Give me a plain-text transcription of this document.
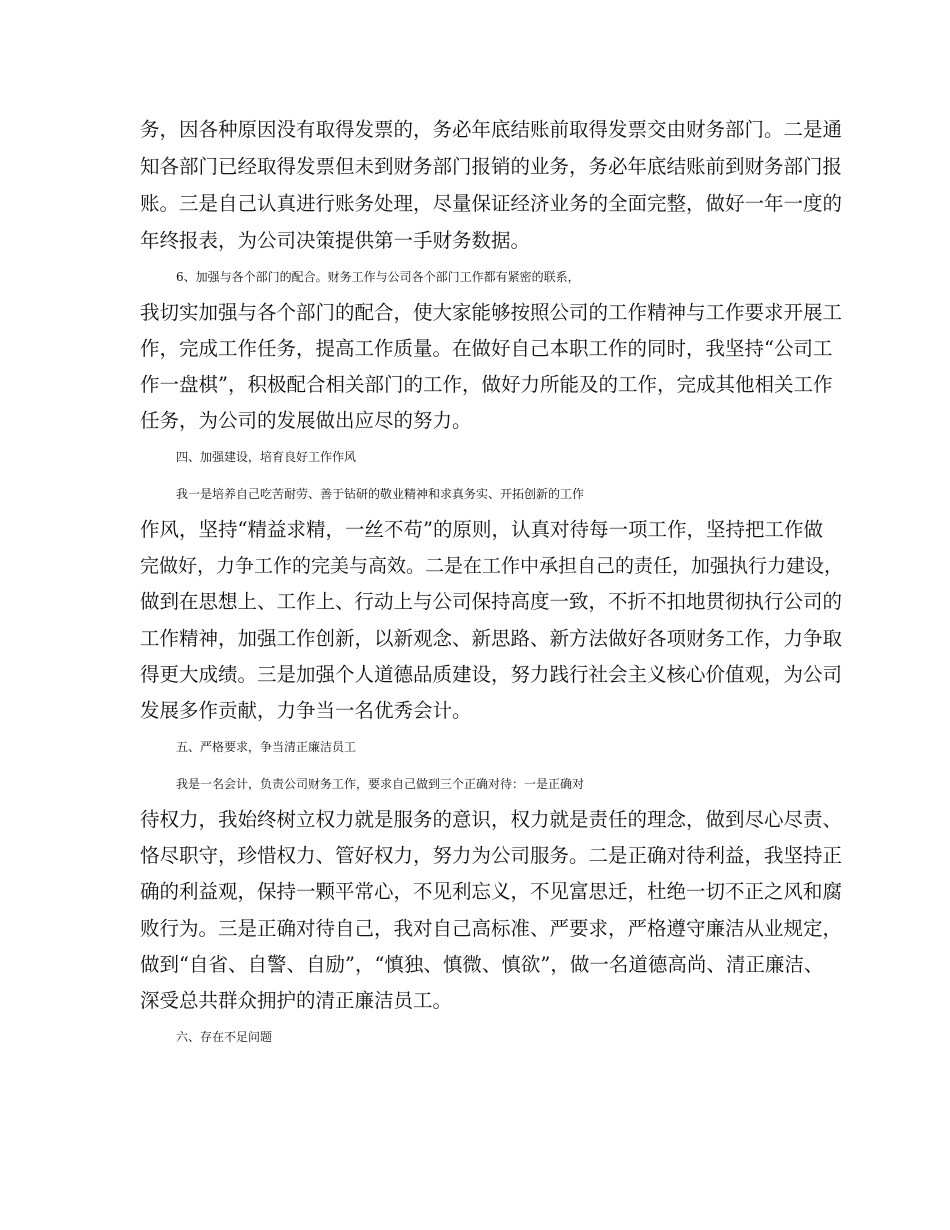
务，因各种原因没有取得发票的，务必年底结账前取得发票交由财务部门。二是通
知各部门已经取得发票但未到财务部门报销的业务，务必年底结账前到财务部门报
账。三是自己认真进行账务处理，尽量保证经济业务的全面完整，做好一年一度的
年终报表，为公司决策提供第一手财务数据。
6、加强与各个部门的配合。财务工作与公司各个部门工作都有紧密的联系，
我切实加强与各个部门的配合，使大家能够按照公司的工作精神与工作要求开展工
作，完成工作任务，提高工作质量。在做好自己本职工作的同时，我坚持“公司工
作一盘棋”，积极配合相关部门的工作，做好力所能及的工作，完成其他相关工作
任务，为公司的发展做出应尽的努力。
四、加强建设，培育良好工作作风
我一是培养自己吃苦耐劳、善于钻研的敬业精神和求真务实、开拓创新的工作
作风，坚持“精益求精，一丝不苟”的原则，认真对待每一项工作，坚持把工作做
完做好，力争工作的完美与高效。二是在工作中承担自己的责任，加强执行力建设，
做到在思想上、工作上、行动上与公司保持高度一致，不折不扣地贯彻执行公司的
工作精神，加强工作创新，以新观念、新思路、新方法做好各项财务工作，力争取
得更大成绩。三是加强个人道德品质建设，努力践行社会主义核心价值观，为公司
发展多作贡献，力争当一名优秀会计。
五、严格要求，争当清正廉洁员工
我是一名会计，负责公司财务工作，要求自己做到三个正确对待：一是正确对
待权力，我始终树立权力就是服务的意识，权力就是责任的理念，做到尽心尽责、
恪尽职守，珍惜权力、管好权力，努力为公司服务。二是正确对待利益，我坚持正
确的利益观，保持一颗平常心，不见利忘义，不见富思迁，杜绝一切不正之风和腐
败行为。三是正确对待自己，我对自己高标准、严要求，严格遵守廉洁从业规定，
做到“自省、自警、自励”，“慎独、慎微、慎欲”，做一名道德高尚、清正廉洁、
深受总共群众拥护的清正廉洁员工。
六、存在不足问题
